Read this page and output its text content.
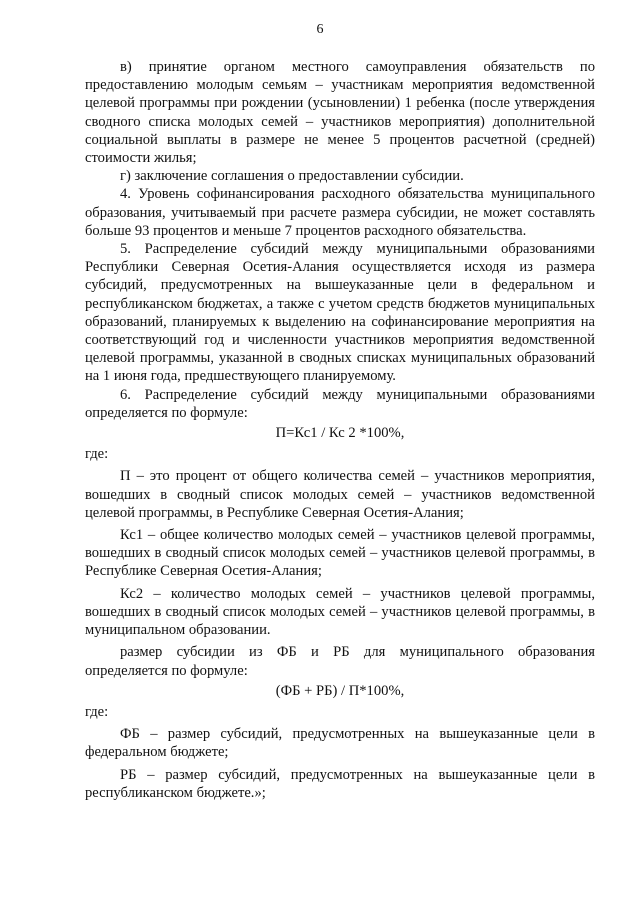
6

в) принятие органом местного самоуправления обязательств по предоставлению молодым семьям – участникам мероприятия ведомственной целевой программы при рождении (усыновлении) 1 ребенка (после утверждения сводного списка молодых семей – участников мероприятия) дополнительной социальной выплаты в размере не менее 5 процентов расчетной (средней) стоимости жилья;

г) заключение соглашения о предоставлении субсидии.

4. Уровень софинансирования расходного обязательства муниципального образования, учитываемый при расчете размера субсидии, не может составлять больше 93 процентов и меньше 7 процентов расходного обязательства.

5. Распределение субсидий между муниципальными образованиями Республики Северная Осетия-Алания осуществляется исходя из размера субсидий, предусмотренных на вышеуказанные цели в федеральном и республиканском бюджетах, а также с учетом средств бюджетов муниципальных образований, планируемых к выделению на софинансирование мероприятия на соответствующий год и численности участников мероприятия ведомственной целевой программы, указанной в сводных списках муниципальных образований на 1 июня года, предшествующего планируемому.

6. Распределение субсидий между муниципальными образованиями определяется по формуле:

П=Кс1 / Кс 2 *100%,

где:

П – это процент от общего количества семей – участников мероприятия, вошедших в сводный список молодых семей – участников ведомственной целевой программы, в Республике Северная Осетия-Алания;

Кс1 – общее количество молодых семей – участников целевой программы, вошедших в сводный список молодых семей – участников целевой программы, в Республике Северная Осетия-Алания;

Кс2 – количество молодых семей – участников целевой программы, вошедших в сводный список молодых семей – участников целевой программы, в муниципальном образовании.

размер субсидии из ФБ и РБ для муниципального образования определяется по формуле:

(ФБ + РБ) / П*100%,

где:

ФБ – размер субсидий, предусмотренных на вышеуказанные цели в федеральном бюджете;

РБ – размер субсидий, предусмотренных на вышеуказанные цели в республиканском бюджете.»;
